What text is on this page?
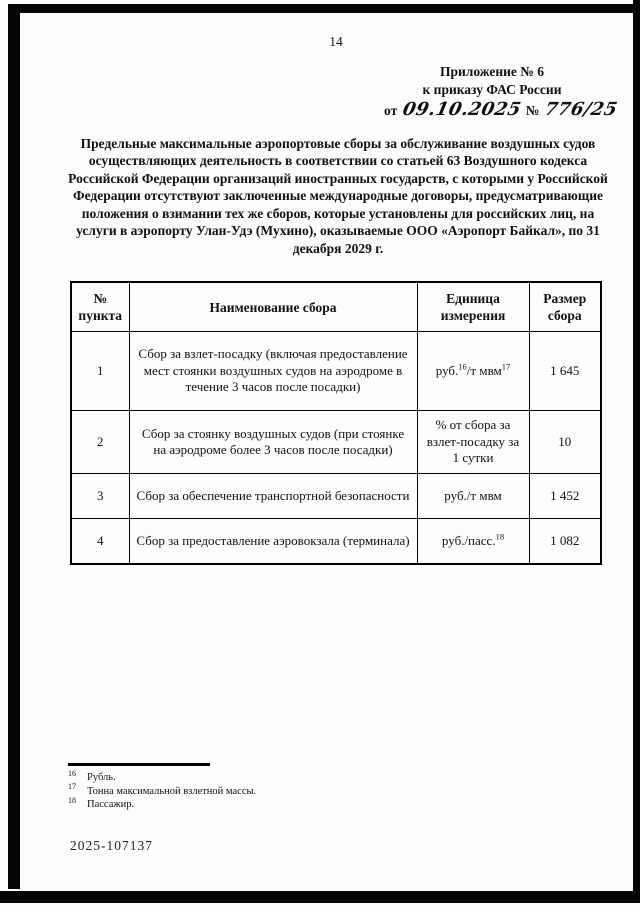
14
Приложение № 6
к приказу ФАС России
от 09.10.2025 № 776/25
Предельные максимальные аэропортовые сборы за обслуживание воздушных судов осуществляющих деятельность в соответствии со статьей 63 Воздушного кодекса Российской Федерации организаций иностранных государств, с которыми у Российской Федерации отсутствуют заключенные международные договоры, предусматривающие положения о взимании тех же сборов, которые установлены для российских лиц, на услуги в аэропорту Улан-Удэ (Мухино), оказываемые ООО «Аэропорт Байкал», по 31 декабря 2029 г.
№ пункта	Наименование сбора	Единица измерения	Размер сбора
1	Сбор за взлет-посадку (включая предоставление мест стоянки воздушных судов на аэродроме в течение 3 часов после посадки)	руб.$^{16}$/т мвм$^{17}$	1 645
2	Сбор за стоянку воздушных судов (при стоянке на аэродроме более 3 часов после посадки)	% от сбора за взлет-посадку за 1 сутки	10
3	Сбор за обеспечение транспортной безопасности	руб./т мвм	1 452
4	Сбор за предоставление аэровокзала (терминала)	руб./пасс.$^{18}$	1 082
$^{16}$ Рубль.
$^{17}$ Тонна максимальной взлетной массы.
$^{18}$ Пассажир.
2025-107137
